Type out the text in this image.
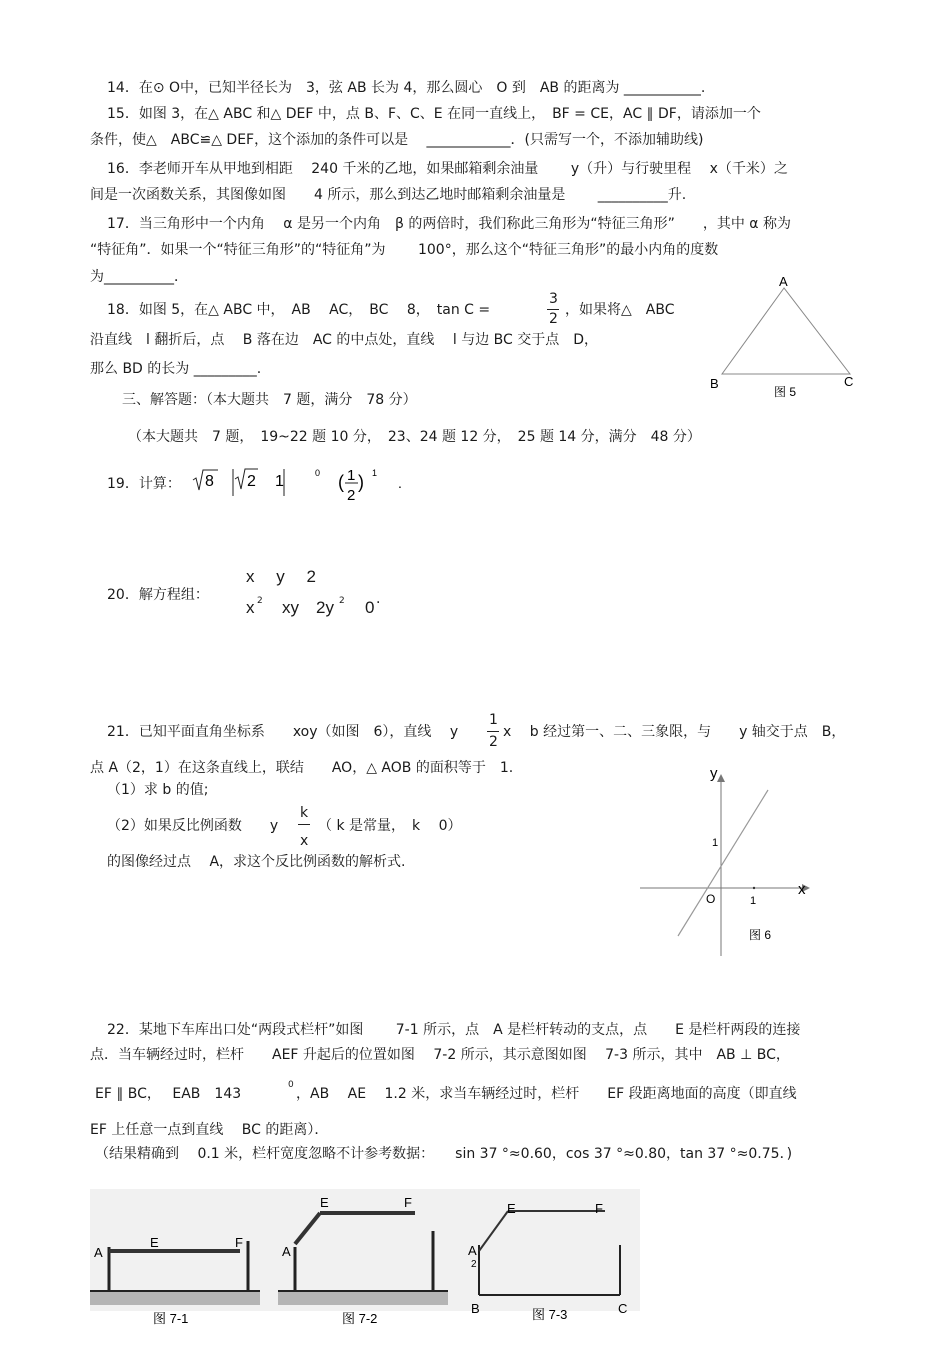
14．在⊙ O中，已知半径长为　3，弦 AB 长为 4，那么圆心　O 到　AB 的距离为 ___________.
15．如图 3，在△ ABC 和△ DEF 中，点 B、F、C、E 在同一直线上，　BF = CE，AC ∥ DF，请添加一个
条件，使△　ABC≌△ DEF，这个添加的条件可以是　 ____________．(只需写一个，不添加辅助线)
16．李老师开车从甲地到相距　 240 千米的乙地，如果邮箱剩余油量　　 y（升）与行驶里程　 x（千米）之
间是一次函数关系，其图像如图　　4 所示，那么到达乙地时邮箱剩余油量是　　 __________升.
17．当三角形中一个内角　 α 是另一个内角　β 的两倍时，我们称此三角形为“特征三角形”　　，其中 α 称为
“特征角”．如果一个“特征三角形”的“特征角”为　　 100°，那么这个“特征三角形”的最小内角的度数
为__________．
18．如图 5，在△ ABC 中，　AB　 AC，　BC　 8，　tan C =
3
2
，如果将△　ABC
沿直线　l 翻折后，点　 B 落在边　AC 的中点处，直线　 l 与边 BC 交于点　D，
那么 BD 的长为 _________.
A
B	C
图 5
三、解答题：（本大题共　7 题，满分　78 分）
（本大题共　7 题，　19~22 题 10 分，　23、24 题 12 分，　25 题 14 分，满分　48 分）
19．计算： 8 2 1	0 ( 1
2
) 1
.
20．解方程组：
x　 y　 2
x 2 xy　2y 2 0 .
21．已知平面直角坐标系　　xoy（如图　6），直线　 y
1
2
x　 b 经过第一、二、三象限，与　　y 轴交于点　B，
点 A（2，1）在这条直线上，联结　　AO，△ AOB 的面积等于　1.
（1）求 b 的值;
（2）如果反比例函数　　y
k
x
（ k 是常量，　k　 0）
的图像经过点　 A，求这个反比例函数的解析式.
y
x
O	1
1
图 6
22．某地下车库出口处“两段式栏杆”如图　　 7-1 所示，点　A 是栏杆转动的支点，点　　E 是栏杆两段的连接
点．当车辆经过时，栏杆　　AEF 升起后的位置如图　 7-2 所示，其示意图如图　 7-3 所示，其中　AB ⊥ BC，
EF ∥ BC，　 EAB　143
0
，AB　 AE　 1.2 米，求当车辆经过时，栏杆　　EF 段距离地面的高度（即直线
EF 上任意一点到直线　 BC 的距离）．
（结果精确到　 0.1 米，栏杆宽度忽略不计参考数据：　　sin 37 °≈0.60，cos 37 °≈0.80，tan 37 °≈0.75．)
A
E	F
图 7-1
A
E	F
图 7-2
A
2
E	F
B	C
图 7-3
